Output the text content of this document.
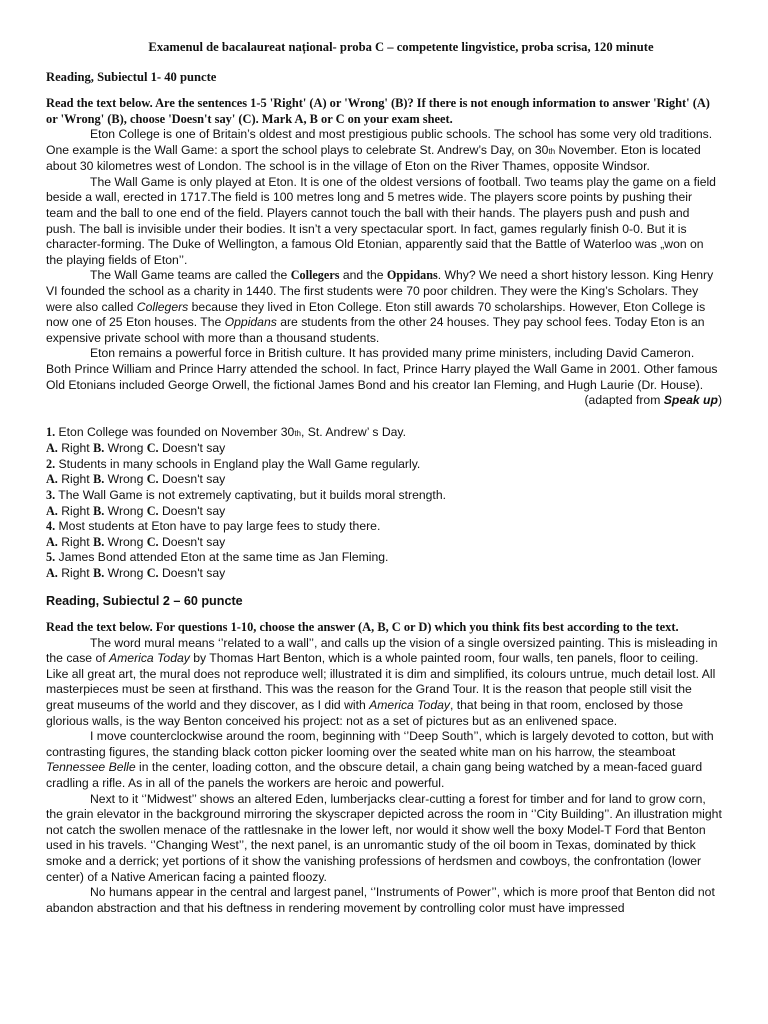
Examenul de bacalaureat național- proba C – competente lingvistice, proba scrisa, 120 minute
Reading, Subiectul 1- 40 puncte
Read the text below. Are the sentences 1-5 'Right' (A) or 'Wrong' (B)? If there is not enough information to answer 'Right' (A) or 'Wrong' (B), choose 'Doesn't say' (C). Mark A, B or C on your exam sheet.

Eton College is one of Britain’s oldest and most prestigious public schools. The school has some very old traditions. One example is the Wall Game: a sport the school plays to celebrate St. Andrew’s Day, on 30th November. Eton is located about 30 kilometres west of London. The school is in the village of Eton on the River Thames, opposite Windsor.

The Wall Game is only played at Eton. It is one of the oldest versions of football. Two teams play the game on a field beside a wall, erected in 1717.The field is 100 metres long and 5 metres wide. The players score points by pushing their team and the ball to one end of the field. Players cannot touch the ball with their hands. The players push and push and push. The ball is invisible under their bodies. It isn’t a very spectacular sport. In fact, games regularly finish 0-0. But it is character-forming. The Duke of Wellington, a famous Old Etonian, apparently said that the Battle of Waterloo was „won on the playing fields of Eton’’.

The Wall Game teams are called the Collegers and the Oppidans. Why? We need a short history lesson. King Henry VI founded the school as a charity in 1440. The first students were 70 poor children. They were the King’s Scholars. They were also called Collegers because they lived in Eton College. Eton still awards 70 scholarships. However, Eton College is now one of 25 Eton houses. The Oppidans are students from the other 24 houses. They pay school fees. Today Eton is an expensive private school with more than a thousand students.

Eton remains a powerful force in British culture. It has provided many prime ministers, including David Cameron. Both Prince William and Prince Harry attended the school. In fact, Prince Harry played the Wall Game in 2001. Other famous Old Etonians included George Orwell, the fictional James Bond and his creator Ian Fleming, and Hugh Laurie (Dr. House).

(adapted from Speak up)

1. Eton College was founded on November 30th, St. Andrew’ s Day.

A. Right B. Wrong C. Doesn't say

2. Students in many schools in England play the Wall Game regularly.

A. Right B. Wrong C. Doesn't say

3. The Wall Game is not extremely captivating, but it builds moral strength.

A. Right B. Wrong C. Doesn't say

4. Most students at Eton have to pay large fees to study there.

A. Right B. Wrong C. Doesn't say

5. James Bond attended Eton at the same time as Jan Fleming.

A. Right B. Wrong C. Doesn't say

Reading, Subiectul 2 – 60 puncte
Read the text below. For questions 1-10, choose the answer (A, B, C or D) which you think fits best according to the text.

The word mural means ‘’related to a wall’’, and calls up the vision of a single oversized painting. This is misleading in the case of America Today by Thomas Hart Benton, which is a whole painted room, four walls, ten panels, floor to ceiling. Like all great art, the mural does not reproduce well; illustrated it is dim and simplified, its colours untrue, much detail lost. All masterpieces must be seen at firsthand. This was the reason for the Grand Tour. It is the reason that people still visit the great museums of the world and they discover, as I did with America Today, that being in that room, enclosed by those glorious walls, is the way Benton conceived his project: not as a set of pictures but as an enlivened space.

I move counterclockwise around the room, beginning with ‘’Deep South’’, which is largely devoted to cotton, but with contrasting figures, the standing black cotton picker looming over the seated white man on his harrow, the steamboat Tennessee Belle in the center, loading cotton, and the obscure detail, a chain gang being watched by a mean-faced guard cradling a rifle. As in all of the panels the workers are heroic and powerful.

Next to it ‘’Midwest’’ shows an altered Eden, lumberjacks clear-cutting a forest for timber and for land to grow corn, the grain elevator in the background mirroring the skyscraper depicted across the room in ‘’City Building’’. An illustration might not catch the swollen menace of the rattlesnake in the lower left, nor would it show well the boxy Model-T Ford that Benton used in his travels. ‘’Changing West’’, the next panel, is an unromantic study of the oil boom in Texas, dominated by thick smoke and a derrick; yet portions of it show the vanishing professions of herdsmen and cowboys, the confrontation (lower center) of a Native American facing a painted floozy.

No humans appear in the central and largest panel, ‘’Instruments of Power’’, which is more proof that Benton did not abandon abstraction and that his deftness in rendering movement by controlling color must have impressed
